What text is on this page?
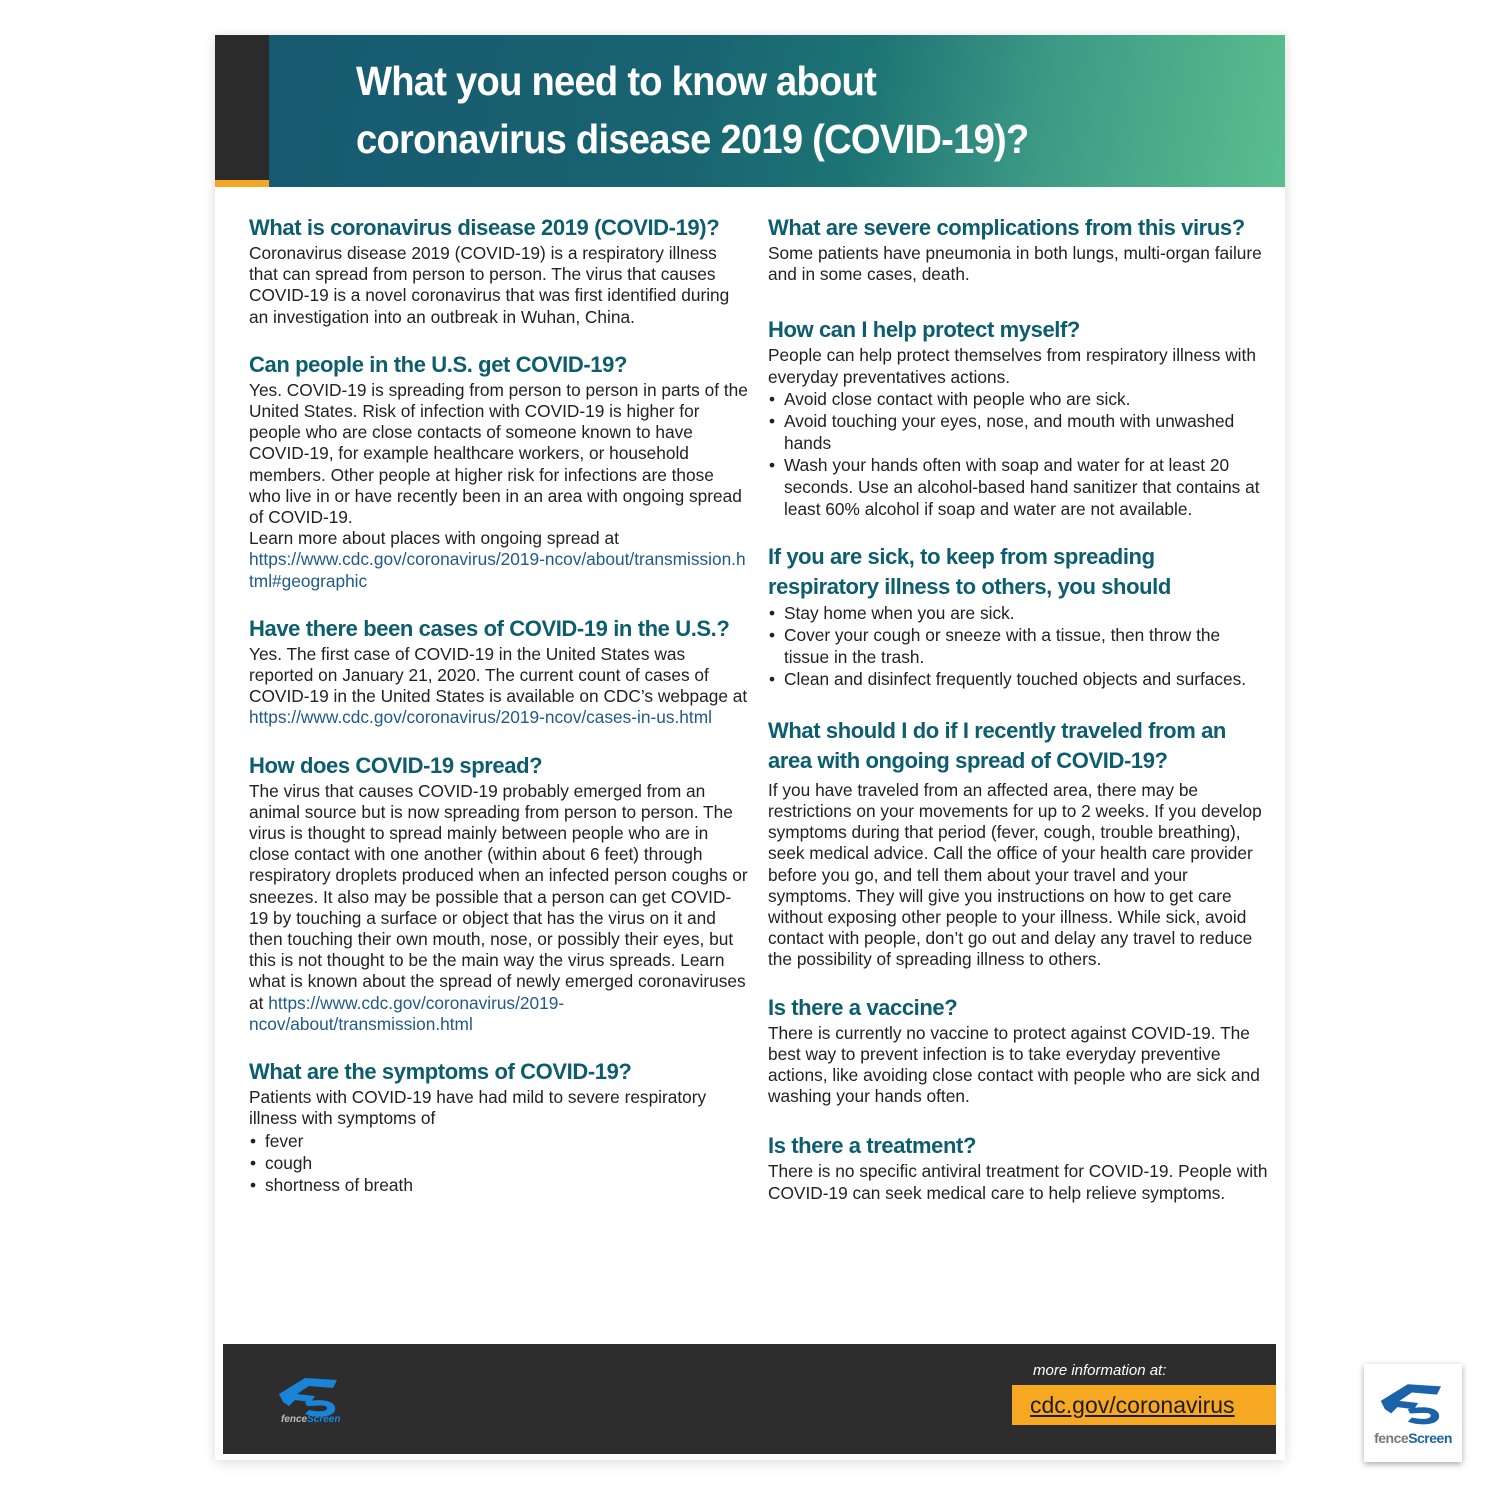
What you need to know about
coronavirus disease 2019 (COVID-19)?
What is coronavirus disease 2019 (COVID-19)?

Coronavirus disease 2019 (COVID-19) is a respiratory illness that can spread from person to person. The virus that causes COVID-19 is a novel coronavirus that was first identified during an investigation into an outbreak in Wuhan, China.

Can people in the U.S. get COVID-19?

Yes. COVID-19 is spreading from person to person in parts of the United States. Risk of infection with COVID-19 is higher for people who are close contacts of someone known to have COVID-19, for example healthcare workers, or household members. Other people at higher risk for infections are those who live in or have recently been in an area with ongoing spread of COVID-19.

Learn more about places with ongoing spread at

https://www.cdc.gov/coronavirus/2019-ncov/about/transmission.html#geographic

Have there been cases of COVID-19 in the U.S.?

Yes. The first case of COVID-19 in the United States was reported on January 21, 2020. The current count of cases of COVID-19 in the United States is available on CDC’s webpage at https://www.cdc.gov/coronavirus/2019-ncov/cases-in-us.html

How does COVID-19 spread?

The virus that causes COVID-19 probably emerged from an animal source but is now spreading from person to person. The virus is thought to spread mainly between people who are in close contact with one another (within about 6 feet) through respiratory droplets produced when an infected person coughs or sneezes. It also may be possible that a person can get COVID-19 by touching a surface or object that has the virus on it and then touching their own mouth, nose, or possibly their eyes, but this is not thought to be the main way the virus spreads. Learn what is known about the spread of newly emerged coronaviruses at https://www.cdc.gov/coronavirus/2019-ncov/about/transmission.html

What are the symptoms of COVID-19?

Patients with COVID-19 have had mild to severe respiratory illness with symptoms of

• fever
• cough
• shortness of breath
What are severe complications from this virus?

Some patients have pneumonia in both lungs, multi-organ failure and in some cases, death.

How can I help protect myself?

People can help protect themselves from respiratory illness with everyday preventatives actions.

• Avoid close contact with people who are sick.
• Avoid touching your eyes, nose, and mouth with unwashed hands
• Wash your hands often with soap and water for at least 20 seconds. Use an alcohol-based hand sanitizer that contains at least 60% alcohol if soap and water are not available.
If you are sick, to keep from spreading respiratory illness to others, you should
• Stay home when you are sick.
• Cover your cough or sneeze with a tissue, then throw the tissue in the trash.
• Clean and disinfect frequently touched objects and surfaces.
What should I do if I recently traveled from an area with ongoing spread of COVID-19?

If you have traveled from an affected area, there may be restrictions on your movements for up to 2 weeks. If you develop symptoms during that period (fever, cough, trouble breathing), seek medical advice. Call the office of your health care provider before you go, and tell them about your travel and your symptoms. They will give you instructions on how to get care without exposing other people to your illness. While sick, avoid contact with people, don’t go out and delay any travel to reduce the possibility of spreading illness to others.

Is there a vaccine?

There is currently no vaccine to protect against COVID-19. The best way to prevent infection is to take everyday preventive actions, like avoiding close contact with people who are sick and washing your hands often.

Is there a treatment?

There is no specific antiviral treatment for COVID-19. People with COVID-19 can seek medical care to help relieve symptoms.

fenceScreen
more information at:
cdc.gov/coronavirus
fenceScreen
